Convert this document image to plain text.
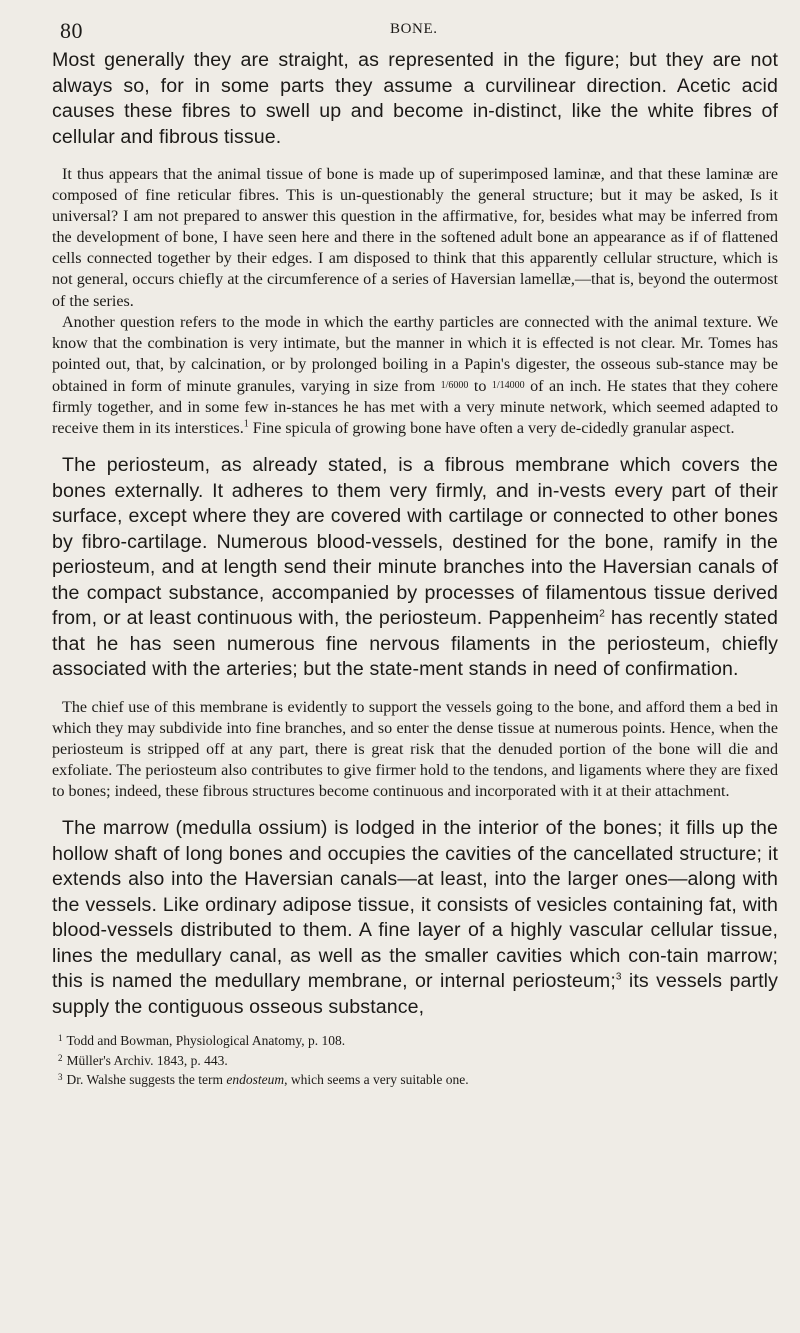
80	BONE.

Most generally they are straight, as represented in the figure; but they are not always so, for in some parts they assume a curvilinear direction. Acetic acid causes these fibres to swell up and become in-distinct, like the white fibres of cellular and fibrous tissue.

It thus appears that the animal tissue of bone is made up of superimposed laminæ, and that these laminæ are composed of fine reticular fibres. This is un-questionably the general structure; but it may be asked, Is it universal? I am not prepared to answer this question in the affirmative, for, besides what may be inferred from the development of bone, I have seen here and there in the softened adult bone an appearance as if of flattened cells connected together by their edges. I am disposed to think that this apparently cellular structure, which is not general, occurs chiefly at the circumference of a series of Haversian lamellæ,—that is, beyond the outermost of the series.

Another question refers to the mode in which the earthy particles are connected with the animal texture. We know that the combination is very intimate, but the manner in which it is effected is not clear. Mr. Tomes has pointed out, that, by calcination, or by prolonged boiling in a Papin's digester, the osseous sub-stance may be obtained in form of minute granules, varying in size from 1/6000 to 1/14000 of an inch. He states that they cohere firmly together, and in some few in-stances he has met with a very minute network, which seemed adapted to receive them in its interstices.$^1$ Fine spicula of growing bone have often a very de-cidedly granular aspect.

The periosteum, as already stated, is a fibrous membrane which covers the bones externally. It adheres to them very firmly, and in-vests every part of their surface, except where they are covered with cartilage or connected to other bones by fibro-cartilage. Numerous blood-vessels, destined for the bone, ramify in the periosteum, and at length send their minute branches into the Haversian canals of the compact substance, accompanied by processes of filamentous tissue derived from, or at least continuous with, the periosteum. Pappenheim$^2$ has recently stated that he has seen numerous fine nervous filaments in the periosteum, chiefly associated with the arteries; but the state-ment stands in need of confirmation.

The chief use of this membrane is evidently to support the vessels going to the bone, and afford them a bed in which they may subdivide into fine branches, and so enter the dense tissue at numerous points. Hence, when the periosteum is stripped off at any part, there is great risk that the denuded portion of the bone will die and exfoliate. The periosteum also contributes to give firmer hold to the tendons, and ligaments where they are fixed to bones; indeed, these fibrous structures become continuous and incorporated with it at their attachment.

The marrow (medulla ossium) is lodged in the interior of the bones; it fills up the hollow shaft of long bones and occupies the cavities of the cancellated structure; it extends also into the Haversian canals—at least, into the larger ones—along with the vessels. Like ordinary adipose tissue, it consists of vesicles containing fat, with blood-vessels distributed to them. A fine layer of a highly vascular cellular tissue, lines the medullary canal, as well as the smaller cavities which con-tain marrow; this is named the medullary membrane, or internal periosteum;$^3$ its vessels partly supply the contiguous osseous substance,

$^1$ Todd and Bowman, Physiological Anatomy, p. 108.

$^2$ Müller's Archiv. 1843, p. 443.

$^3$ Dr. Walshe suggests the term endosteum, which seems a very suitable one.
